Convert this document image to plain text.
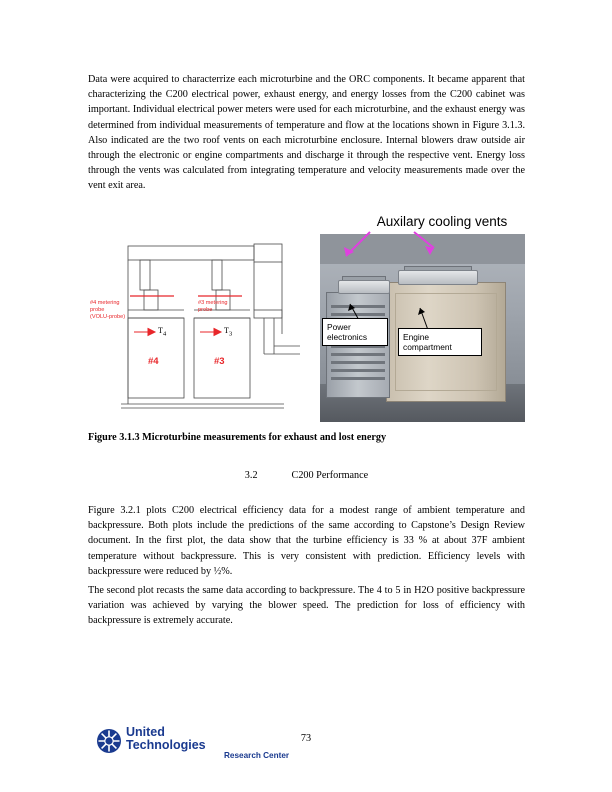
Data were acquired to characterrize each microturbine and the ORC components. It became apparent that characterizing the C200 electrical power, exhaust energy, and energy losses from the C200 cabinet was important. Individual electrical power meters were used for each microturbine, and the exhaust energy was determined from individual measurements of temperature and flow at the locations shown in Figure 3.1.3. Also indicated are the two roof vents on each microturbine enclosure. Internal blowers draw outside air through the electronic or engine compartments and discharge it through the respective vent. Energy loss through the vents was calculated from integrating temperature and velocity measurements made over the vent exit area.
Auxilary cooling vents
#4 metering
probe
(VOLU-probe)
#3 metering
probe
$T_4$	$T_3$
#4	#3
Power electronics	Engine compartment
Figure 3.1.3 Microturbine measurements for exhaust and lost energy
3.2	C200 Performance
Figure 3.2.1 plots C200 electrical efficiency data for a modest range of ambient temperature and backpressure. Both plots include the predictions of the same according to Capstone’s Design Review document. In the first plot, the data show that the turbine efficiency is 33 % at about 37F ambient temperature without backpressure. This is very consistent with prediction. Efficiency levels with backpressure were reduced by ½%.
The second plot recasts the same data according to backpressure. The 4 to 5 in H2O positive backpressure variation was achieved by varying the blower speed. The prediction for loss of efficiency with backpressure is extremely accurate.
73
United
Technologies
Research Center
